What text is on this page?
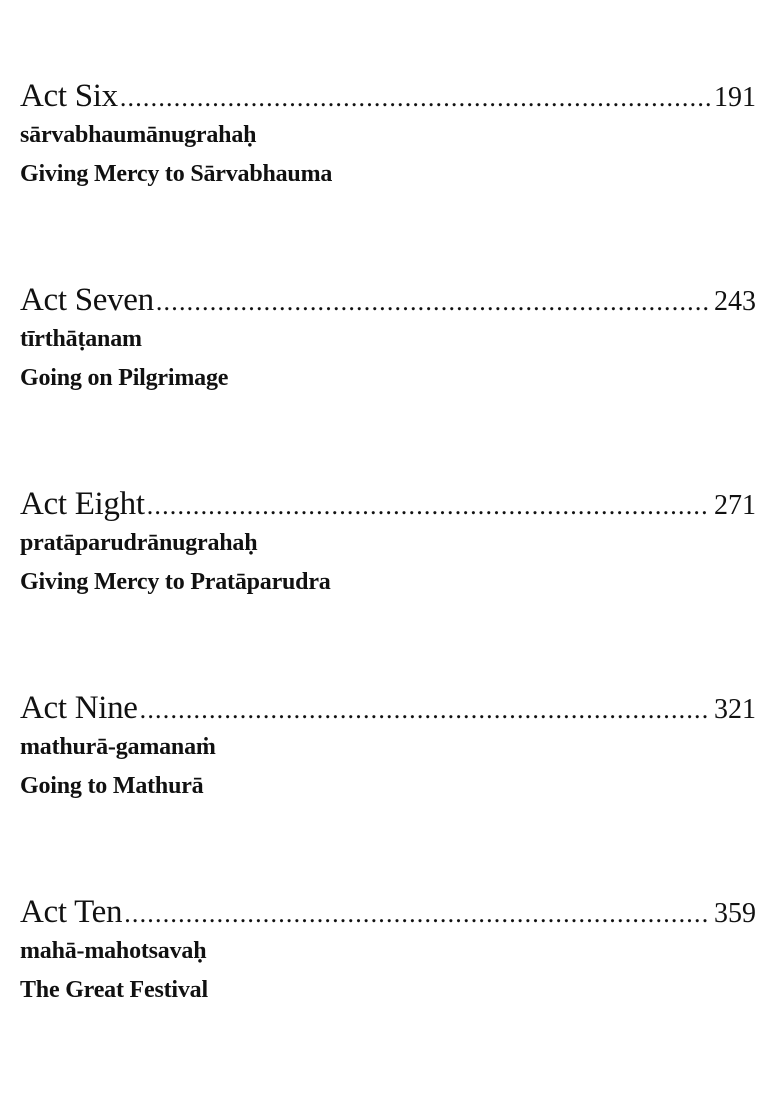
Act Six .....	191
sārvabhaumānugrahaḥ
Giving Mercy to Sārvabhauma
Act Seven .....	243
tīrthāṭanam
Going on Pilgrimage
Act Eight .....	271
pratāparudrānugrahaḥ
Giving Mercy to Pratāparudra
Act Nine .....	321
mathurā-gamanaṁ
Going to Mathurā
Act Ten .....	359
mahā-mahotsavaḥ
The Great Festival
